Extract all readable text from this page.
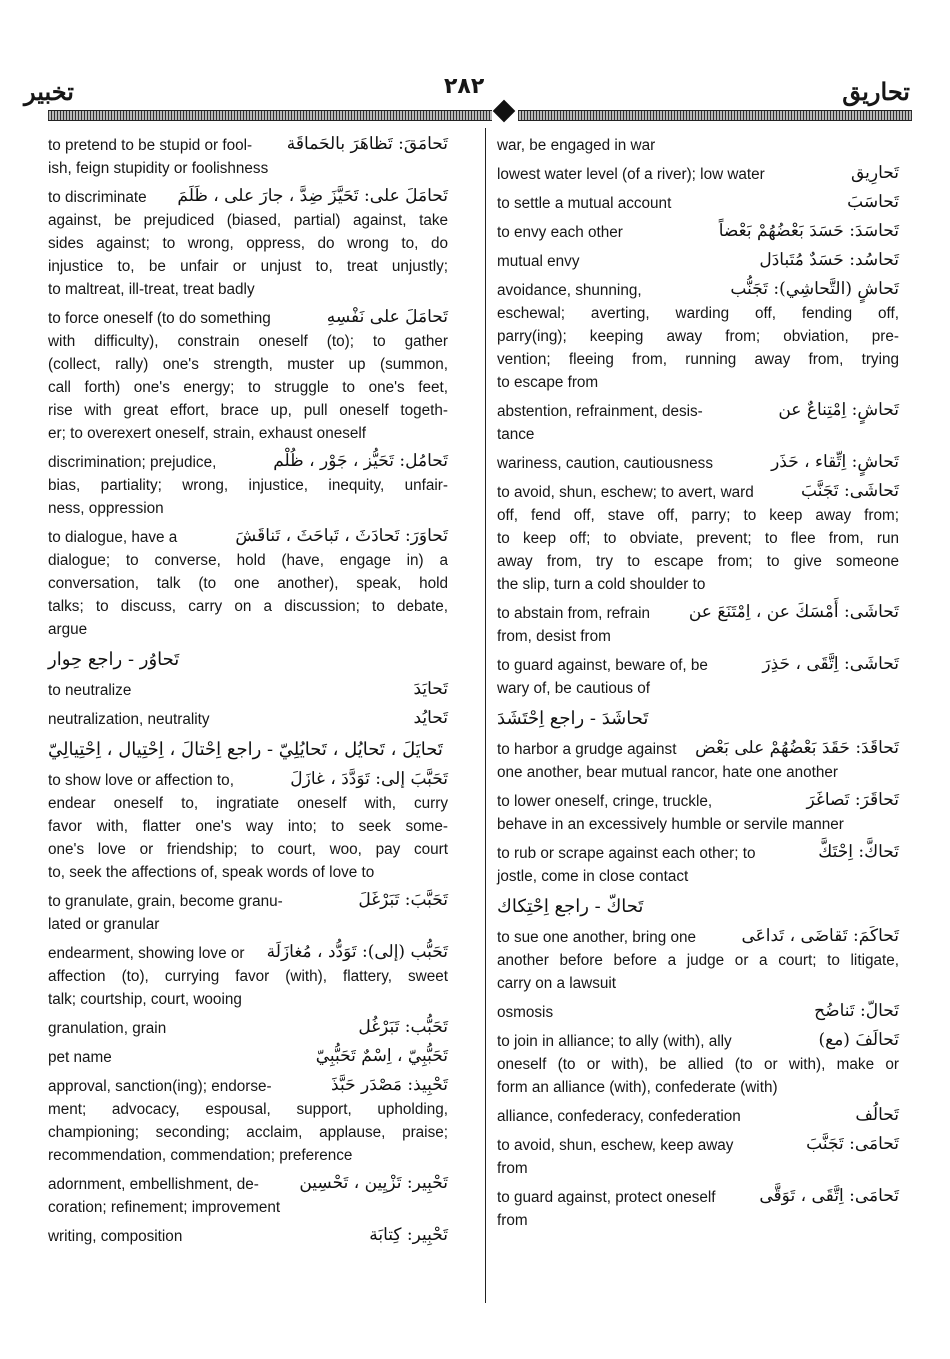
تخبير	٢٨٢	تحاريق
تَحامَقَ: تَظاهَرَ بالحَماقَة

to pretend to be stupid or fool-

ish, feign stupidity or foolishness

تَحامَلَ على: تَحَيَّزَ ضِدَّ ، جارَ على ، ظَلَمَ

to discriminate

against, be prejudiced (biased, partial) against, take

sides against; to wrong, oppress, do wrong to, do

injustice to, be unfair or unjust to, treat unjustly;

to maltreat, ill-treat, treat badly

تَحامَلَ على نَفْسِهِ

to force oneself (to do something

with difficulty), constrain oneself (to); to gather

(collect, rally) one's strength, muster up (summon,

call forth) one's energy; to struggle to one's feet,

rise with great effort, brace up, pull oneself togeth-

er; to overexert oneself, strain, exhaust oneself

تَحامُل: تَحَيُّز ، جَوْر ، ظُلْم

discrimination; prejudice,

bias, partiality; wrong, injustice, inequity, unfair-

ness, oppression

تَحاوَرَ: تَحادَثَ ، تَباحَثَ ، تَناقَشَ

to dialogue, have a

dialogue; to converse, hold (have, engage in) a

conversation, talk (to one another), speak, hold

talks; to discuss, carry on a discussion; to debate,

argue

تَحاوُر - راجع حِوار
تَحايَدَ

to neutralize

تَحايُد

neutralization, neutrality

تَحايَلَ ، تَحايُل ، تَحايُلِيّ - راجع اِحْتالَ ، اِحْتِيال ، اِحْتِيالِيّ
تَحَبَّبَ إلى: تَوَدَّدَ ، غازَلَ

to show love or affection to,

endear oneself to, ingratiate oneself with, curry

favor with, flatter one's way into; to seek some-

one's love or friendship; to court, woo, pay court

to, seek the affections of, speak words of love to

تَحَبَّبَ: تَبَرْغَلَ

to granulate, grain, become granu-

lated or granular

تَحَبُّب (إلى): تَوَدُّد ، مُغازَلَة

endearment, showing love or

affection (to), currying favor (with), flattery, sweet

talk; courtship, court, wooing

تَحَبُّب: تَبَرْغُل

granulation, grain

تَحَبُّبِيّ ، اِسْمٌ تَحَبُّبِيّ

pet name

تَحْبِيذ: مَصْدَر حَبَّذَ

approval, sanction(ing); endorse-

ment; advocacy, espousal, support, upholding,

championing; seconding; acclaim, applause, praise;

recommendation, commendation; preference

تَحْبِير: تَزْيِين ، تَحْسِين

adornment, embellishment, de-

coration; refinement; improvement

تَحْبِير: كِتابَة

writing, composition

war, be engaged in war

تَحارِيق

lowest water level (of a river); low water

تَحاسَبَ

to settle a mutual account

تَحاسَدَ: حَسَدَ بَعْضُهُمْ بَعْضاً

to envy each other

تَحاسُد: حَسَدٌ مُتَبادَل

mutual envy

تَحاشٍ (التَّحاشِي): تَجَنُّب

avoidance, shunning,

eschewal; averting, warding off, fending off,

parry(ing); keeping away from; obviation, pre-

vention; fleeing from, running away from, trying

to escape from

تَحاشٍ: اِمْتِناعٌ عن

abstention, refrainment, desis-

tance

تَحاشٍ: اِتِّقاء ، حَذَر

wariness, caution, cautiousness

تَحاشَى: تَجَنَّبَ

to avoid, shun, eschew; to avert, ward

off, fend off, stave off, parry; to keep away from;

to keep off; to obviate, prevent; to flee from, run

away from, try to escape from; to give someone

the slip, turn a cold shoulder to

تَحاشَى: أَمْسَكَ عن ، اِمْتَنَعَ عن

to abstain from, refrain

from, desist from

تَحاشَى: اِتَّقَى ، حَذِرَ

to guard against, beware of, be

wary of, be cautious of

تَحاشَدَ - راجع اِحْتَشَدَ
تَحاقَدَ: حَقَدَ بَعْضُهُمْ على بَعْض

to harbor a grudge against

one another, bear mutual rancor, hate one another

تَحاقَرَ: تَصاغَرَ

to lower oneself, cringe, truckle,

behave in an excessively humble or servile manner

تَحاكَّ: اِحْتَكَّ

to rub or scrape against each other; to

jostle, come in close contact

تَحاكّ - راجع اِحْتِكاك
تَحاكَمَ: تَقاضَى ، تَداعَى

to sue one another, bring one

another before before a judge or a court; to litigate,

carry on a lawsuit

تَحالّ: تَناضُح

osmosis

تَحالَفَ (مع)

to join in alliance; to ally (with), ally

oneself (to or with), be allied (to or with), make or

form an alliance (with), confederate (with)

تَحالُف

alliance, confederacy, confederation

تَحامَى: تَجَنَّبَ

to avoid, shun, eschew, keep away

from

تَحامَى: اِتَّقَى ، تَوَقَّى

to guard against, protect oneself

from
